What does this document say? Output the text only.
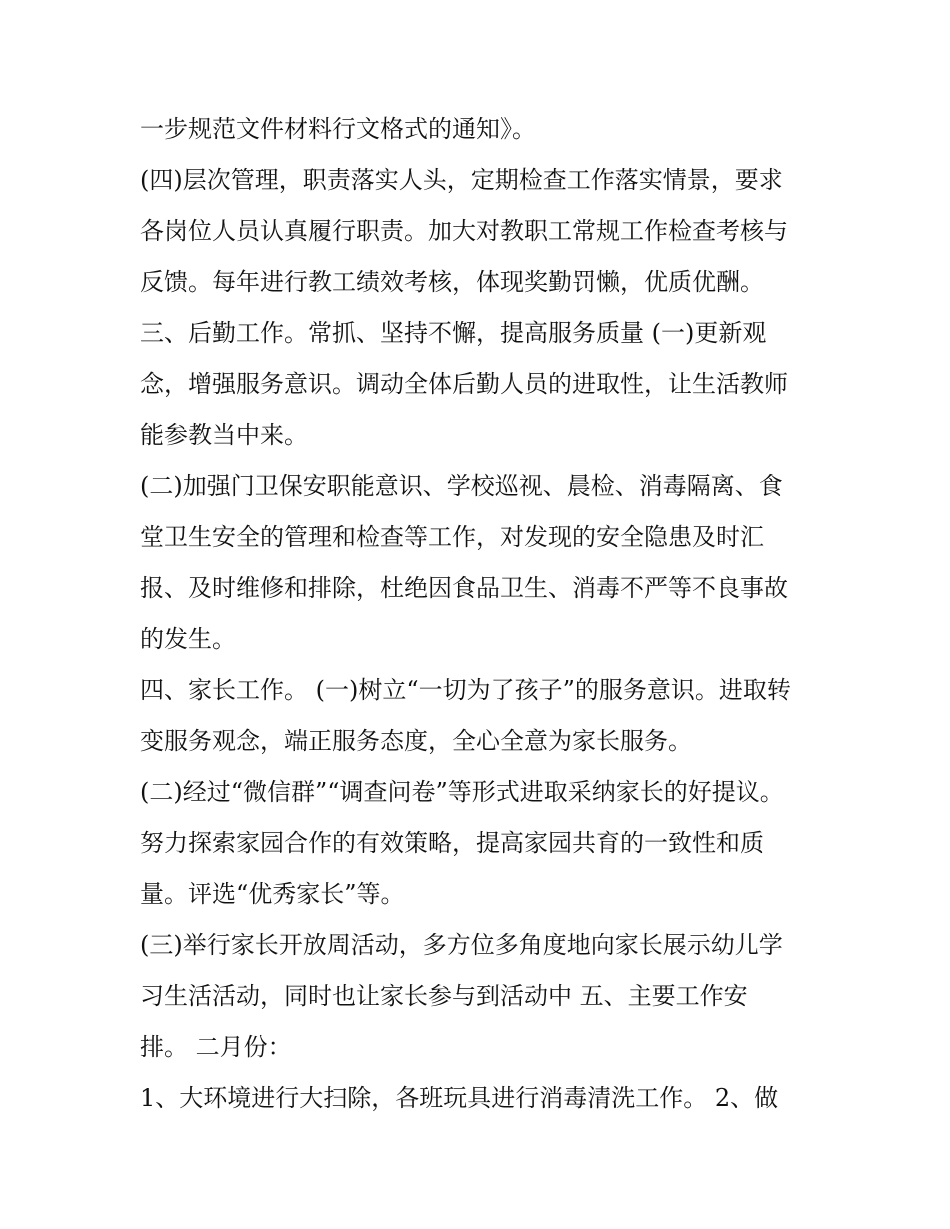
一步规范文件材料行文格式的通知》。
(四)层次管理，职责落实人头，定期检查工作落实情景，要求
各岗位人员认真履行职责。加大对教职工常规工作检查考核与
反馈。每年进行教工绩效考核，体现奖勤罚懒，优质优酬。
三、后勤工作。常抓、坚持不懈，提高服务质量 (一)更新观
念，增强服务意识。调动全体后勤人员的进取性，让生活教师
能参教当中来。
(二)加强门卫保安职能意识、学校巡视、晨检、消毒隔离、食
堂卫生安全的管理和检查等工作，对发现的安全隐患及时汇
报、及时维修和排除，杜绝因食品卫生、消毒不严等不良事故
的发生。
四、家长工作。 (一)树立“一切为了孩子”的服务意识。进取转
变服务观念，端正服务态度，全心全意为家长服务。
(二)经过“微信群”“调查问卷”等形式进取采纳家长的好提议。
努力探索家园合作的有效策略，提高家园共育的一致性和质
量。评选“优秀家长”等。
(三)举行家长开放周活动，多方位多角度地向家长展示幼儿学
习生活活动，同时也让家长参与到活动中 五、主要工作安
排。 二月份：
1、大环境进行大扫除，各班玩具进行消毒清洗工作。 2、做
